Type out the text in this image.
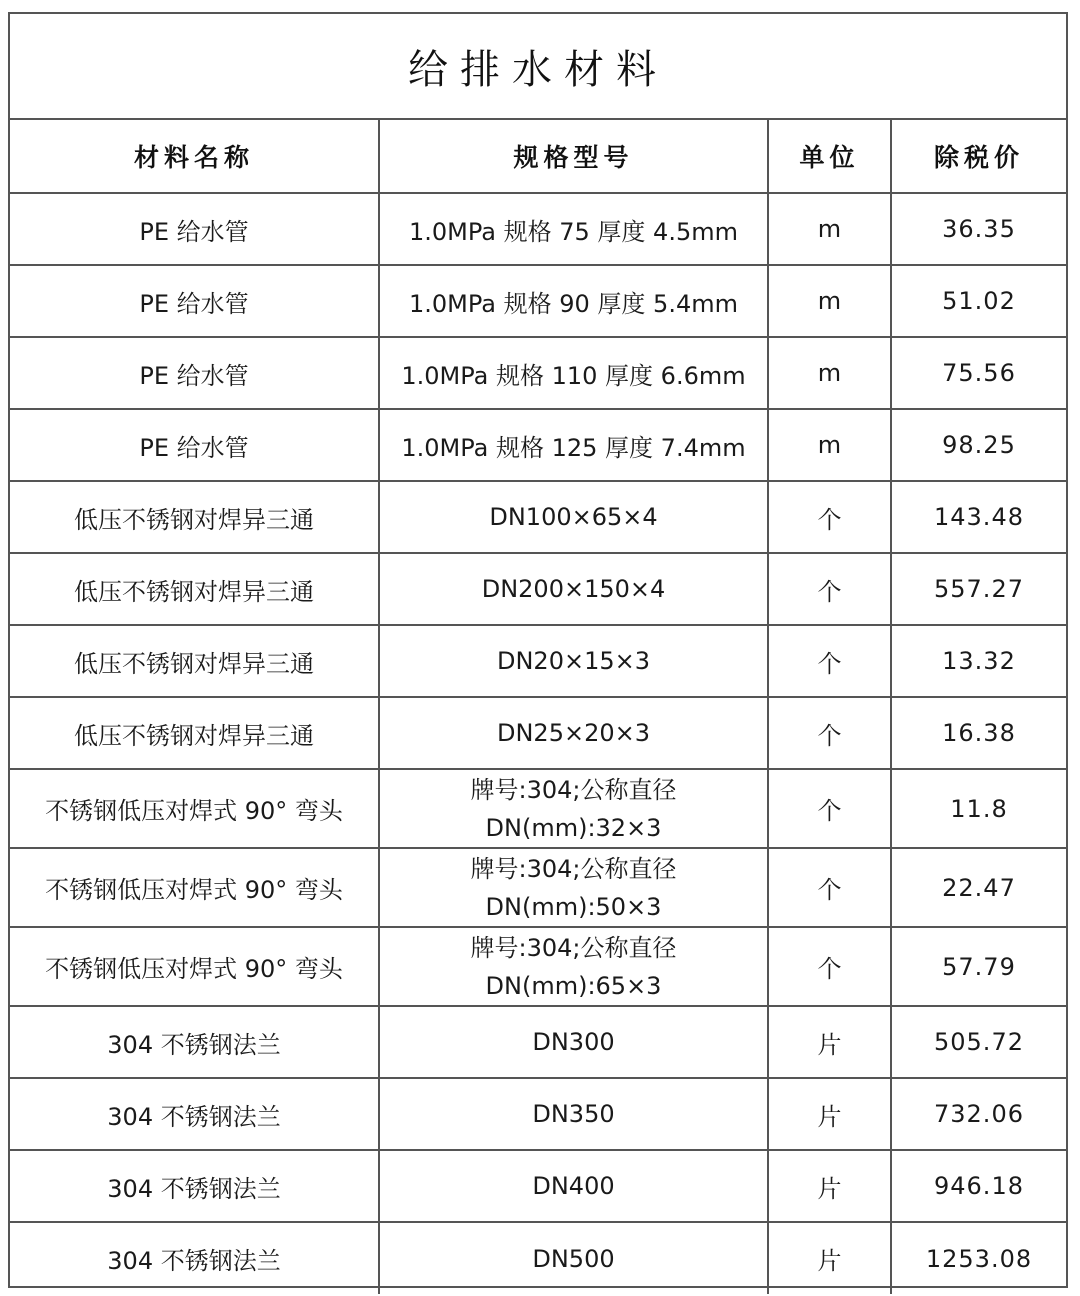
给排水材料
材料名称	规格型号	单位	除税价
PE 给水管	1.0MPa 规格 75 厚度 4.5mm	m	36.35
PE 给水管	1.0MPa 规格 90 厚度 5.4mm	m	51.02
PE 给水管	1.0MPa 规格 110 厚度 6.6mm	m	75.56
PE 给水管	1.0MPa 规格 125 厚度 7.4mm	m	98.25
低压不锈钢对焊异三通	DN100×65×4	个	143.48
低压不锈钢对焊异三通	DN200×150×4	个	557.27
低压不锈钢对焊异三通	DN20×15×3	个	13.32
低压不锈钢对焊异三通	DN25×20×3	个	16.38
不锈钢低压对焊式 90° 弯头	牌号:304;公称直径
DN(mm):32×3	个	11.8
不锈钢低压对焊式 90° 弯头	牌号:304;公称直径
DN(mm):50×3	个	22.47
不锈钢低压对焊式 90° 弯头	牌号:304;公称直径
DN(mm):65×3	个	57.79
304 不锈钢法兰	DN300	片	505.72
304 不锈钢法兰	DN350	片	732.06
304 不锈钢法兰	DN400	片	946.18
304 不锈钢法兰	DN500	片	1253.08
